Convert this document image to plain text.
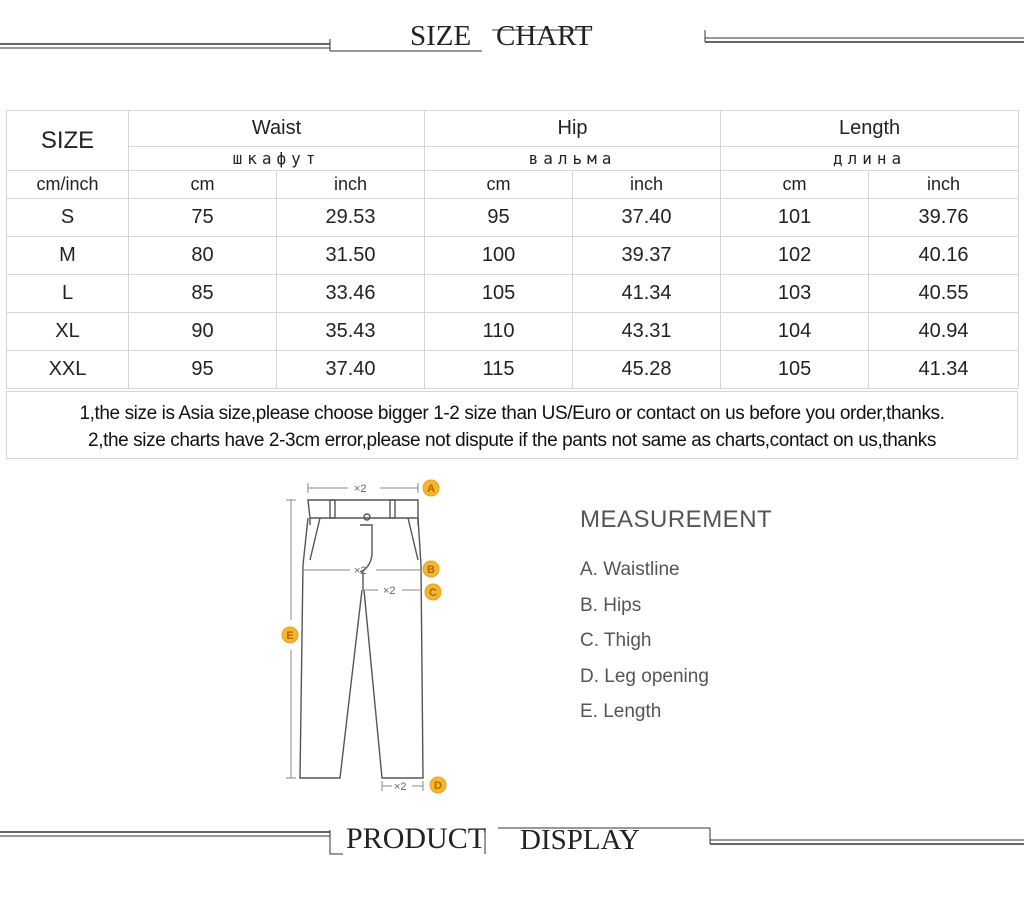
SIZE CHART
SIZE	Waist		Hip		Length	
	шкафут		вальма		длина	
cm/inch	cm	inch	cm	inch	cm	inch
S	75	29.53	95	37.40	101	39.76
M	80	31.50	100	39.37	102	40.16
L	85	33.46	105	41.34	103	40.55
XL	90	35.43	110	43.31	104	40.94
XXL	95	37.40	115	45.28	105	41.34
1,the size is Asia size,please choose bigger 1-2 size than US/Euro or contact on us before you order,thanks.
2,the size charts have 2-3cm error,please not dispute if the pants not same as charts,contact on us,thanks
×2
×2
×2
×2
A
B
C
D
E
MEASUREMENT
A. Waistline
B. Hips
C. Thigh
D. Leg opening
E. Length
PRODUCT DISPLAY
